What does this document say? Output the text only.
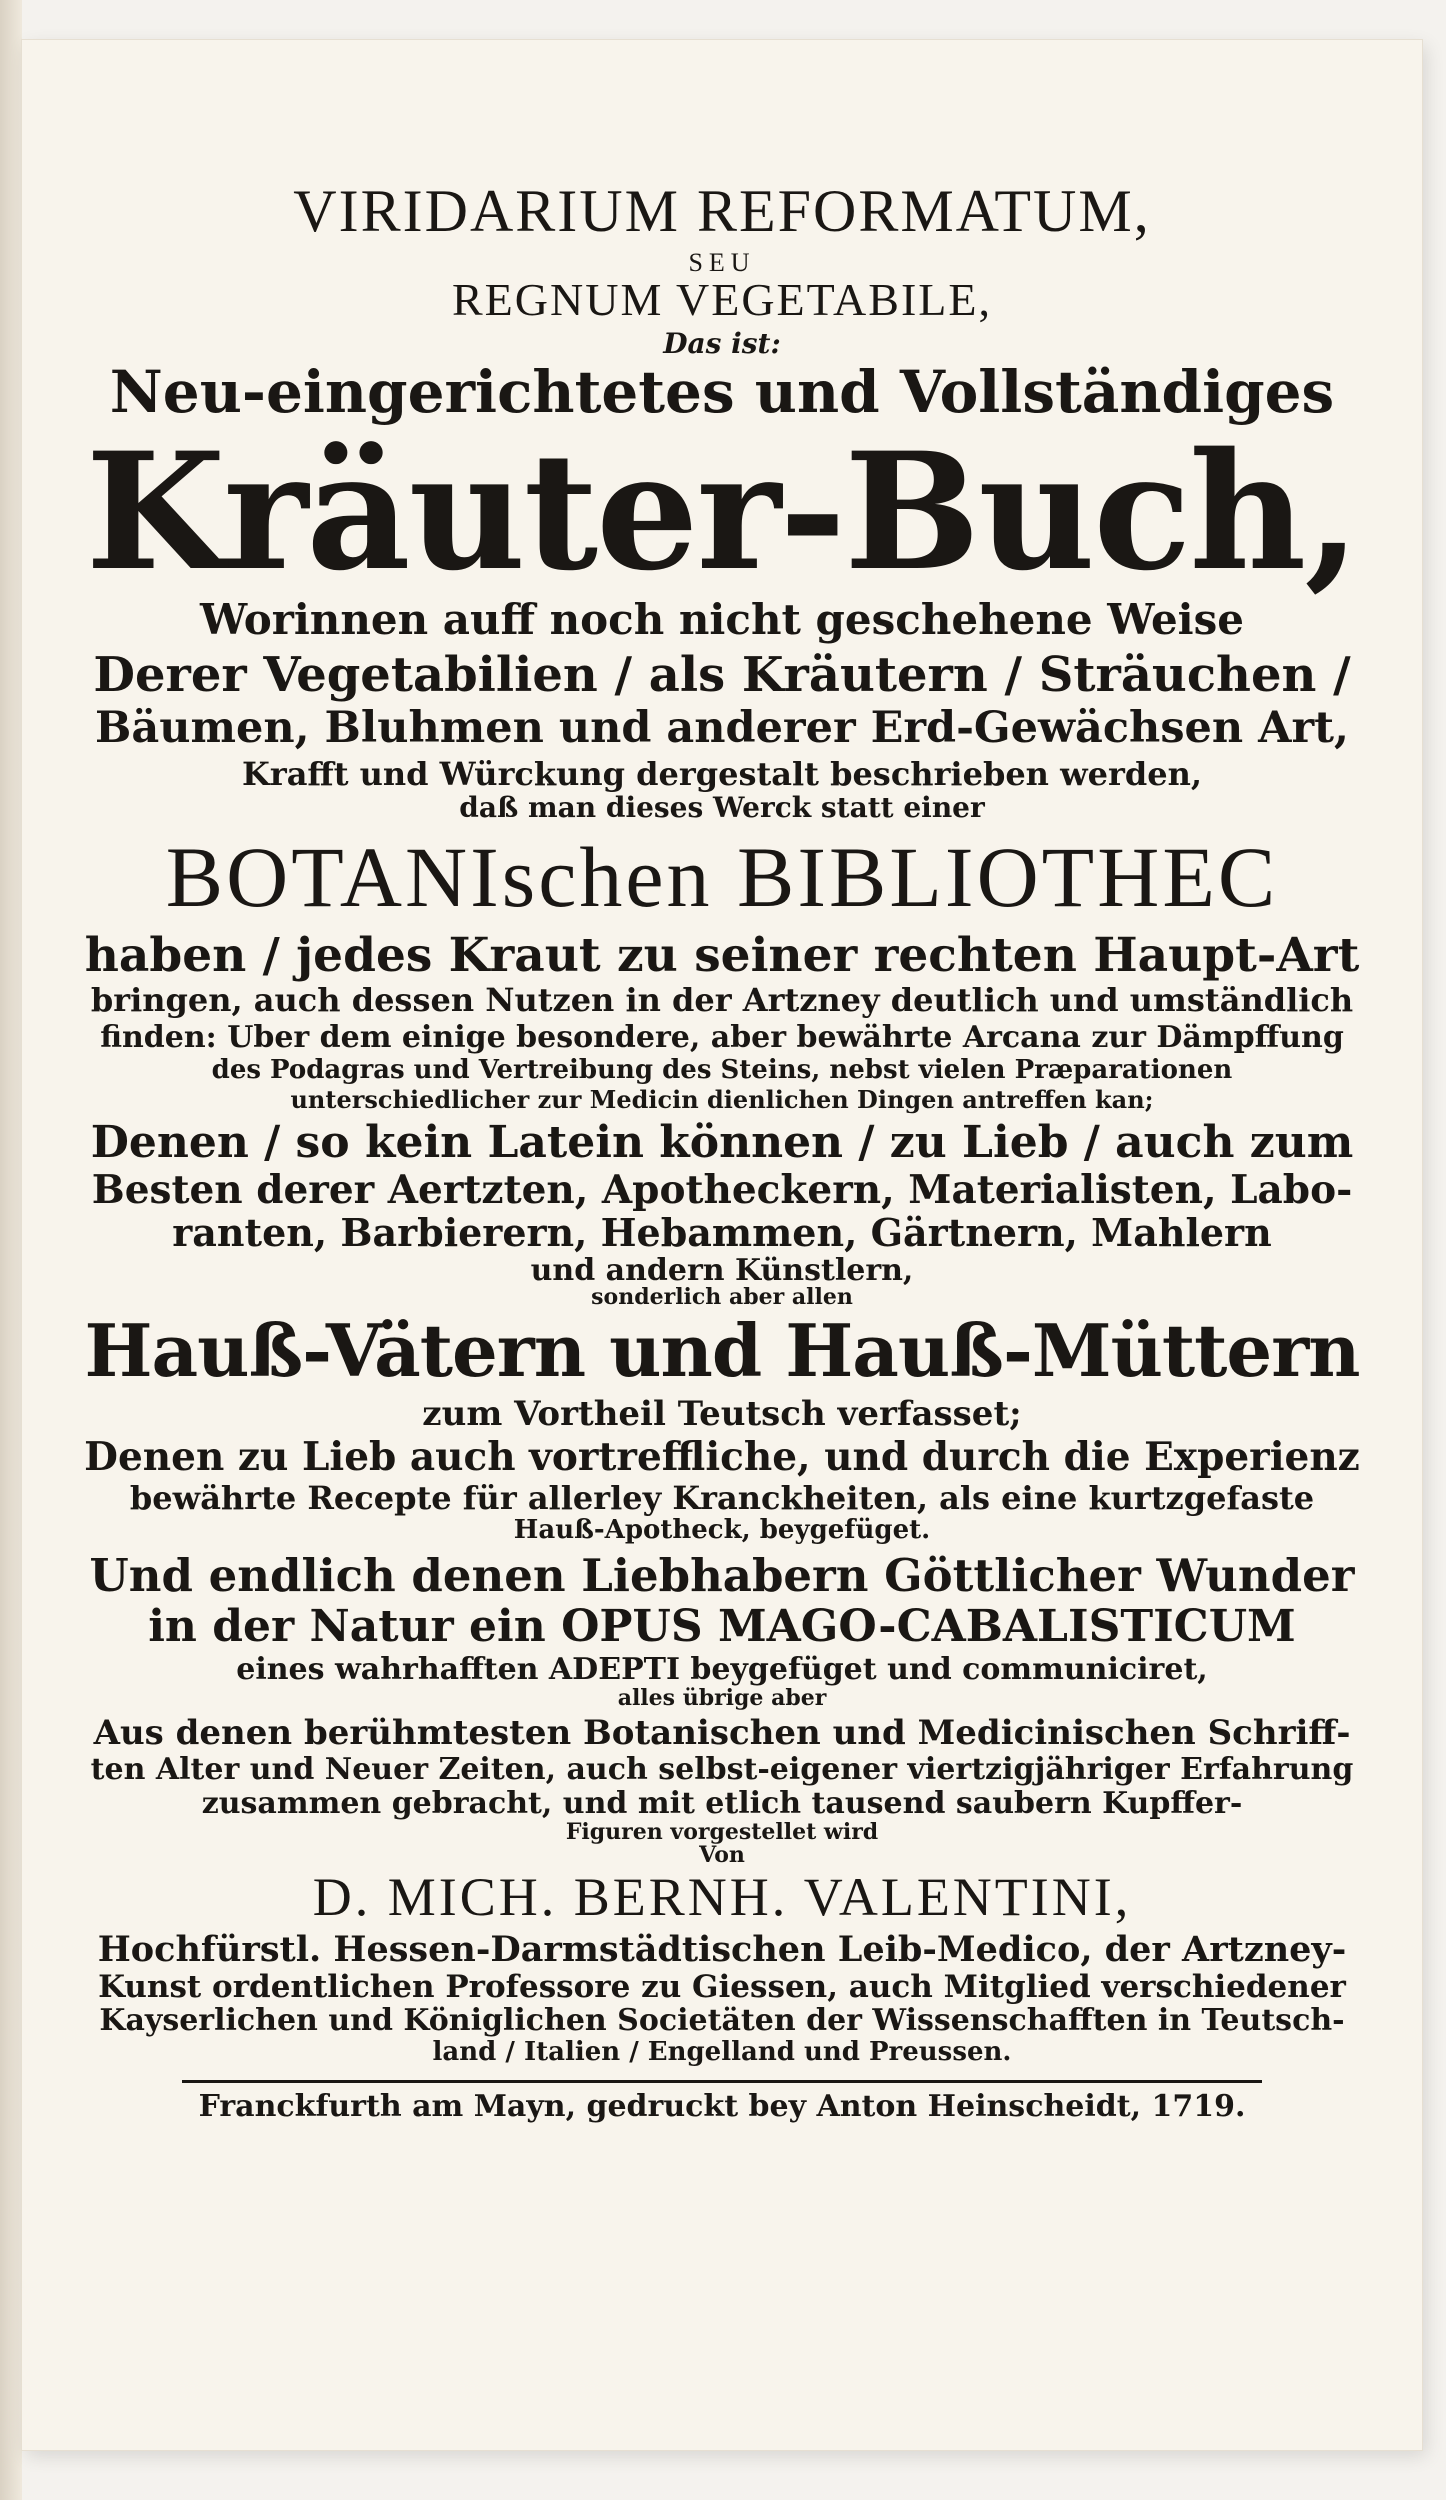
VIRIDARIUM REFORMATUM,
SEU
REGNUM VEGETABILE,
Das ist:
Neu-eingerichtetes und Vollständiges
Kräuter-Buch,
Worinnen auff noch nicht geschehene Weise
Derer Vegetabilien / als Kräutern / Sträuchen /
Bäumen, Bluhmen und anderer Erd-Gewächsen Art,
Krafft und Würckung dergestalt beschrieben werden,
daß man dieses Werck statt einer
BOTANIschen BIBLIOTHEC
haben / jedes Kraut zu seiner rechten Haupt-Art
bringen, auch dessen Nutzen in der Artzney deutlich und umständlich
finden: Uber dem einige besondere, aber bewährte Arcana zur Dämpffung
des Podagras und Vertreibung des Steins, nebst vielen Præparationen
unterschiedlicher zur Medicin dienlichen Dingen antreffen kan;
Denen / so kein Latein können / zu Lieb / auch zum
Besten derer Aertzten, Apotheckern, Materialisten, Labo-
ranten, Barbierern, Hebammen, Gärtnern, Mahlern
und andern Künstlern,
sonderlich aber allen
Hauß-Vätern und Hauß-Müttern
zum Vortheil Teutsch verfasset;
Denen zu Lieb auch vortreffliche, und durch die Experienz
bewährte Recepte für allerley Kranckheiten, als eine kurtzgefaste
Hauß-Apotheck, beygefüget.
Und endlich denen Liebhabern Göttlicher Wunder
in der Natur ein OPUS MAGO-CABALISTICUM
eines wahrhafften ADEPTI beygefüget und communiciret,
alles übrige aber
Aus denen berühmtesten Botanischen und Medicinischen Schriff-
ten Alter und Neuer Zeiten, auch selbst-eigener viertzigjähriger Erfahrung
zusammen gebracht, und mit etlich tausend saubern Kupffer-
Figuren vorgestellet wird
Von
D. MICH. BERNH. VALENTINI,
Hochfürstl. Hessen-Darmstädtischen Leib-Medico, der Artzney-
Kunst ordentlichen Professore zu Giessen, auch Mitglied verschiedener
Kayserlichen und Königlichen Societäten der Wissenschafften in Teutsch-
land / Italien / Engelland und Preussen.
Franckfurth am Mayn, gedruckt bey Anton Heinscheidt, 1719.
